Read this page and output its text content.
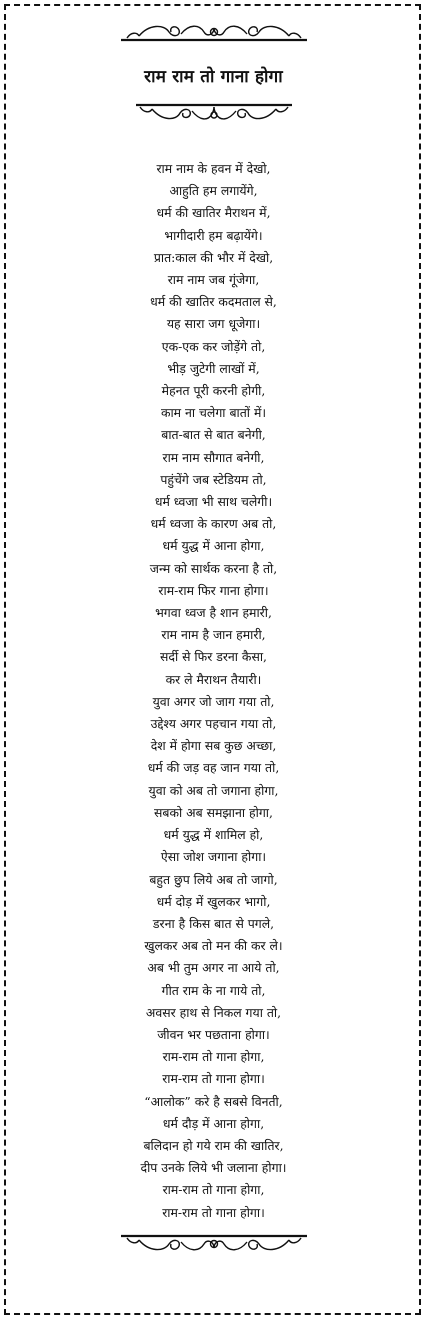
राम राम तो गाना होगा
राम नाम के हवन में देखो,
आहुति हम लगायेंगे,
धर्म की खातिर मैराथन में,
भागीदारी हम बढ़ायेंगे।
प्रात:काल की भौर में देखो,
राम नाम जब गूंजेगा,
धर्म की खातिर कदमताल से,
यह सारा जग धूजेगा।
एक-एक कर जोड़ेंगे तो,
भीड़ जुटेगी लाखों में,
मेहनत पूरी करनी होगी,
काम ना चलेगा बातों में।
बात-बात से बात बनेगी,
राम नाम सौगात बनेगी,
पहुंचेंगे जब स्टेडियम तो,
धर्म ध्वजा भी साथ चलेगी।
धर्म ध्वजा के कारण अब तो,
धर्म युद्ध में आना होगा,
जन्म को सार्थक करना है तो,
राम-राम फिर गाना होगा।
भगवा ध्वज है शान हमारी,
राम नाम है जान हमारी,
सर्दी से फिर डरना कैसा,
कर ले मैराथन तैयारी।
युवा अगर जो जाग गया तो,
उद्देश्य अगर पहचान गया तो,
देश में होगा सब कुछ अच्छा,
धर्म की जड़ वह जान गया तो,
युवा को अब तो जगाना होगा,
सबको अब समझाना होगा,
धर्म युद्ध में शामिल हो,
ऐसा जोश जगाना होगा।
बहुत छुप लिये अब तो जागो,
धर्म दोड़ में खुलकर भागो,
डरना है किस बात से पगले,
खुलकर अब तो मन की कर ले।
अब भी तुम अगर ना आये तो,
गीत राम के ना गाये तो,
अवसर हाथ से निकल गया तो,
जीवन भर पछताना होगा।
राम-राम तो गाना होगा,
राम-राम तो गाना होगा।
“आलोक” करे है सबसे विनती,
धर्म दौड़ में आना होगा,
बलिदान हो गये राम की खातिर,
दीप उनके लिये भी जलाना होगा।
राम-राम तो गाना होगा,
राम-राम तो गाना होगा।
